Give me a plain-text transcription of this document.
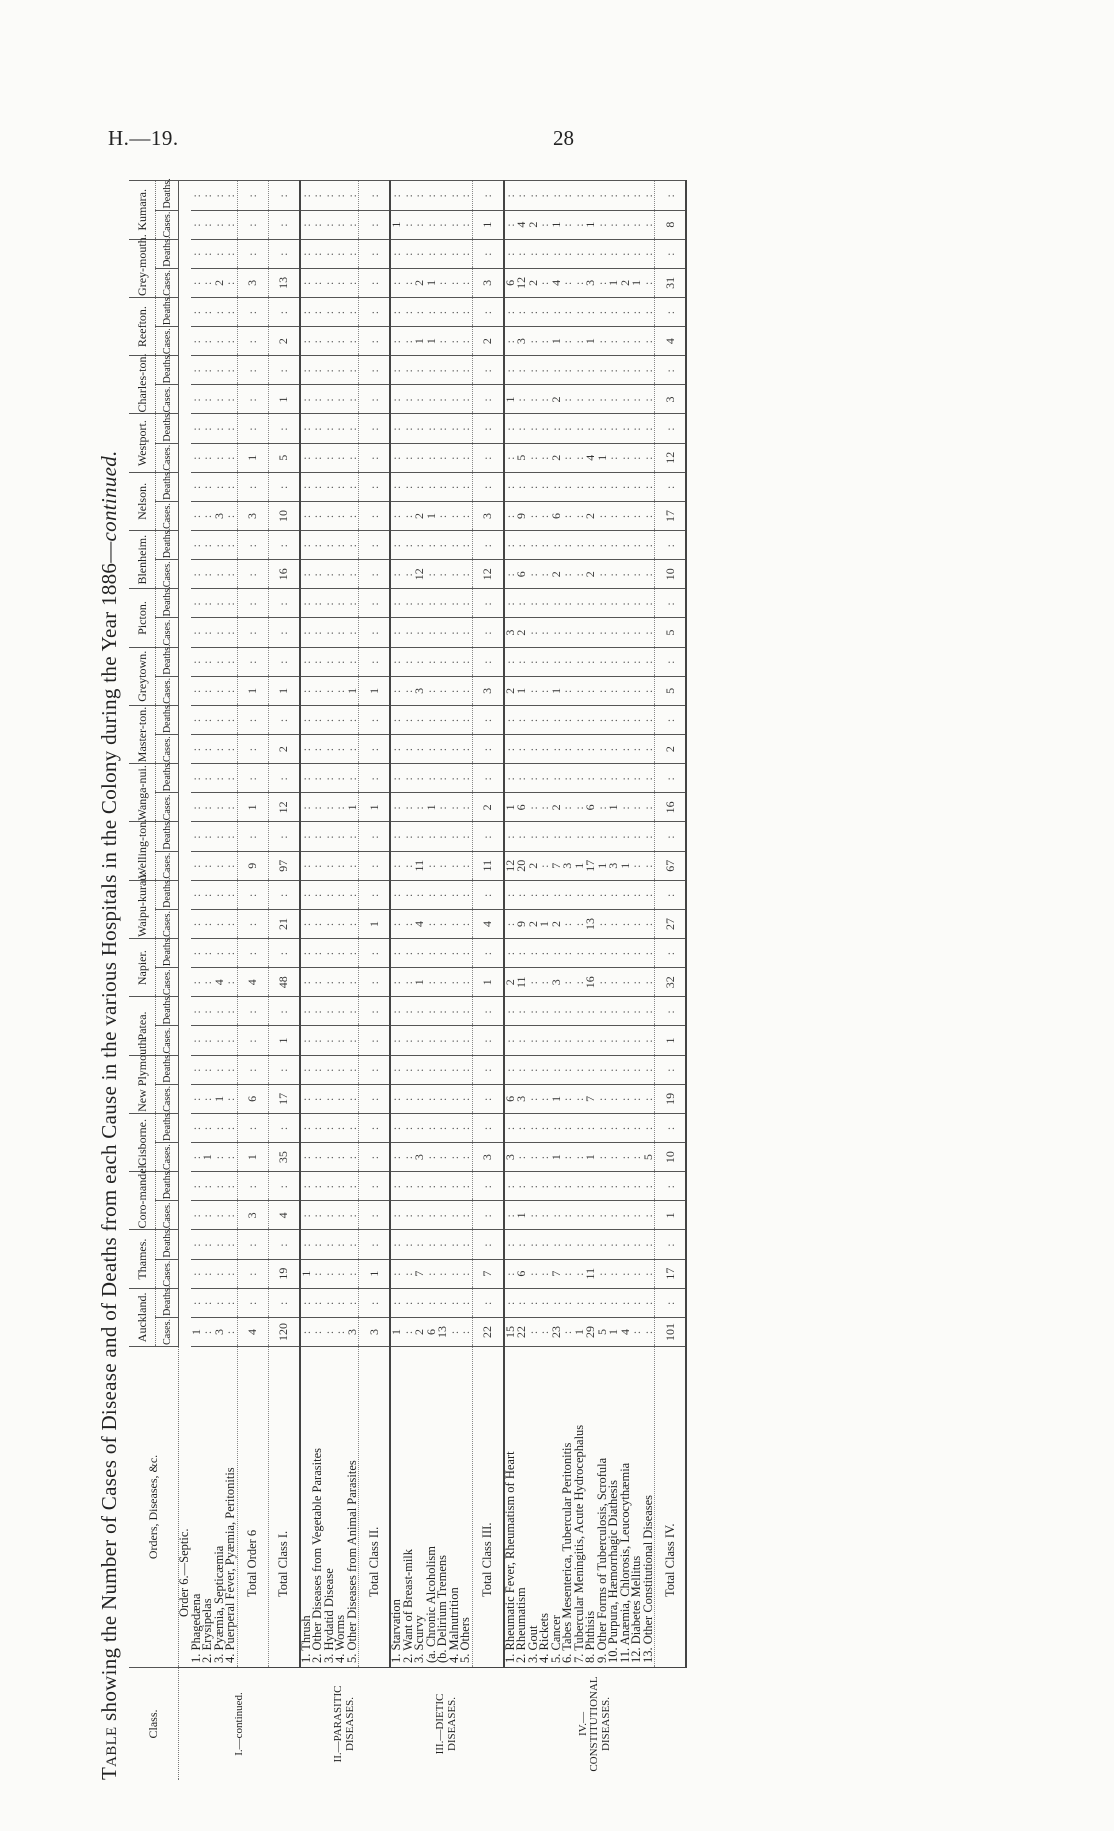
H.—19.	28
Table showing the Number of Cases of Disease and of Deaths from each Cause in the various Hospitals in the Colony during the Year 1886—continued.
Class.	Orders, Diseases, &c.	Auckland.		Thames.		Coro-mandel.		Gisborne.		New Plymouth.		Patea.		Napier.		Waipu-kurau.		Welling-ton.		Wanga-nui.		Master-ton.		Greytown.		Picton.		Blenheim.		Nelson.		Westport.		Charles-ton.		Reefton.		Grey-mouth.		Kumara.	
		Cases.	Deaths.	Cases.	Deaths.	Cases.	Deaths.	Cases.	Deaths.	Cases.	Deaths.	Cases.	Deaths.	Cases.	Deaths.	Cases.	Deaths.	Cases.	Deaths.	Cases.	Deaths.	Cases.	Deaths.	Cases.	Deaths.	Cases.	Deaths.	Cases.	Deaths.	Cases.	Deaths.	Cases.	Deaths.	Cases.	Deaths.	Cases.	Deaths.	Cases.	Deaths.	Cases.	Deaths.
I.—continued.	Order 6.—Septic.																																								
	1. Phagedæna	1	:	:	:	:	:	:	:	:	:	:	:	:	:	:	:	:	:	:	:	:	:	:	:	:	:	:	:	:	:	:	:	:	:	:	:	:	:	:	:
	2. Erysipelas	:	:	:	:	:	:	1	:	:	:	:	:	:	:	:	:	:	:	:	:	:	:	:	:	:	:	:	:	:	:	:	:	:	:	:	:	:	:	:	:
	3. Pyæmia, Septicæmia	3	:	:	:	:	:	:	:	1	:	:	:	4	:	:	:	:	:	:	:	:	:	:	:	:	:	:	:	3	:	:	:	:	:	:	:	2	:	:	:
	4. Puerperal Fever, Pyæmia, Peritonitis	:	:	:	:	:	:	:	:	:	:	:	:	:	:	:	:	:	:	:	:	:	:	:	:	:	:	:	:	:	:	:	:	:	:	:	:	:	:	:	:
	Total Order 6	4	:	:	:	3	:	1	:	6	:	:	:	4	:	:	:	9	:	1	:	:	:	1	:	:	:	:	:	3	:	1	:	:	:	:	:	3	:	:	:
	Total Class I.	120	:	19	:	4	:	35	:	17	:	1	:	48	:	21	:	97	:	12	:	2	:	1	:	:	:	16	:	10	:	5	:	1	:	2	:	13	:	:	:
II.—PARASITIC DISEASES.	1. Thrush	:	:	1	:	:	:	:	:	:	:	:	:	:	:	:	:	:	:	:	:	:	:	:	:	:	:	:	:	:	:	:	:	:	:	:	:	:	:	:	:
	2. Other Diseases from Vegetable Parasites	:	:	:	:	:	:	:	:	:	:	:	:	:	:	:	:	:	:	:	:	:	:	:	:	:	:	:	:	:	:	:	:	:	:	:	:	:	:	:	:
	3. Hydatid Disease	:	:	:	:	:	:	:	:	:	:	:	:	:	:	:	:	:	:	:	:	:	:	:	:	:	:	:	:	:	:	:	:	:	:	:	:	:	:	:	:
	4. Worms	:	:	:	:	:	:	:	:	:	:	:	:	:	:	:	:	:	:	:	:	:	:	:	:	:	:	:	:	:	:	:	:	:	:	:	:	:	:	:	:
	5. Other Diseases from Animal Parasites	3	:	:	:	:	:	:	:	:	:	:	:	:	:	:	:	:	:	1	:	:	:	1	:	:	:	:	:	:	:	:	:	:	:	:	:	:	:	:	:
	Total Class II.	3	:	1	:	:	:	:	:	:	:	:	:	:	:	1	:	:	:	1	:	:	:	1	:	:	:	:	:	:	:	:	:	:	:	:	:	:	:	:	:
III.—DIETIC DISEASES.	1. Starvation	1	:	:	:	:	:	:	:	:	:	:	:	:	:	:	:	:	:	:	:	:	:	:	:	:	:	:	:	:	:	:	:	:	:	:	:	:	:	1	:
	2. Want of Breast-milk	:	:	:	:	:	:	:	:	:	:	:	:	:	:	:	:	:	:	:	:	:	:	:	:	:	:	:	:	:	:	:	:	:	:	:	:	:	:	:	:
	3. Scurvy	2	:	7	:	:	:	3	:	:	:	:	:	1	:	4	:	11	:	:	:	:	:	3	:	:	:	12	:	2	:	:	:	:	:	1	:	2	:	:	:
	(a. Chronic Alcoholism	6	:	:	:	:	:	:	:	:	:	:	:	:	:	:	:	:	:	1	:	:	:	:	:	:	:	:	:	1	:	:	:	:	:	1	:	1	:	:	:
	(b. Delirium Tremens	13	:	:	:	:	:	:	:	:	:	:	:	:	:	:	:	:	:	:	:	:	:	:	:	:	:	:	:	:	:	:	:	:	:	:	:	:	:	:	:
	4. Malnutrition	:	:	:	:	:	:	:	:	:	:	:	:	:	:	:	:	:	:	:	:	:	:	:	:	:	:	:	:	:	:	:	:	:	:	:	:	:	:	:	:
	5. Others	:	:	:	:	:	:	:	:	:	:	:	:	:	:	:	:	:	:	:	:	:	:	:	:	:	:	:	:	:	:	:	:	:	:	:	:	:	:	:	:
	Total Class III.	22	:	7	:	:	:	3	:	:	:	:	:	1	:	4	:	11	:	2	:	:	:	3	:	:	:	12	:	3	:	:	:	:	:	2	:	3	:	1	:
IV.—CONSTITUTIONAL DISEASES.	1. Rheumatic Fever, Rheumatism of Heart	15	:	:	:	:	:	3	:	6	:	:	:	2	:	:	:	12	:	1	:	:	:	2	:	3	:	:	:	:	:	:	:	1	:	:	:	6	:	:	:
	2. Rheumatism	22	:	6	:	1	:	:	:	3	:	:	:	11	:	9	:	20	:	6	:	:	:	1	:	2	:	6	:	9	:	5	:	:	:	3	:	12	:	4	:
	3. Gout	:	:	:	:	:	:	:	:	:	:	:	:	:	:	2	:	2	:	:	:	:	:	:	:	:	:	:	:	:	:	:	:	:	:	:	:	2	:	2	:
	4. Rickets	:	:	:	:	:	:	:	:	:	:	:	:	:	:	1	:	:	:	:	:	:	:	:	:	:	:	:	:	:	:	:	:	:	:	:	:	:	:	:	:
	5. Cancer	23	:	7	:	:	:	1	:	1	:	:	:	3	:	2	:	7	:	2	:	:	:	1	:	:	:	2	:	6	:	2	:	2	:	1	:	4	:	1	:
	6. Tabes Mesenterica, Tubercular Peritonitis	:	:	:	:	:	:	:	:	:	:	:	:	:	:	:	:	3	:	:	:	:	:	:	:	:	:	:	:	:	:	:	:	:	:	:	:	:	:	:	:
	7. Tubercular Meningitis, Acute Hydrocephalus	1	:	:	:	:	:	:	:	:	:	:	:	:	:	:	:	1	:	:	:	:	:	:	:	:	:	:	:	:	:	:	:	:	:	:	:	:	:	:	:
	8. Phthisis	29	:	11	:	:	:	1	:	7	:	:	:	16	:	13	:	17	:	6	:	:	:	:	:	:	:	2	:	2	:	4	:	:	:	1	:	3	:	1	:
	9. Other Forms of Tuberculosis, Scrofula	5	:	:	:	:	:	:	:	:	:	:	:	:	:	:	:	1	:	:	:	:	:	:	:	:	:	:	:	:	:	1	:	:	:	:	:	:	:	:	:
	10. Purpura, Hæmorrhagic Diathesis	1	:	:	:	:	:	:	:	:	:	:	:	:	:	:	:	3	:	1	:	:	:	:	:	:	:	:	:	:	:	:	:	:	:	:	:	1	:	:	:
	11. Anæmia, Chlorosis, Leucocythæmia	4	:	:	:	:	:	:	:	:	:	:	:	:	:	:	:	1	:	:	:	:	:	:	:	:	:	:	:	:	:	:	:	:	:	:	:	2	:	:	:
	12. Diabetes Mellitus	:	:	:	:	:	:	:	:	:	:	:	:	:	:	:	:	:	:	:	:	:	:	:	:	:	:	:	:	:	:	:	:	:	:	:	:	1	:	:	:
	13. Other Constitutional Diseases	:	:	:	:	:	:	5	:	:	:	:	:	:	:	:	:	:	:	:	:	:	:	:	:	:	:	:	:	:	:	:	:	:	:	:	:	:	:	:	:
	Total Class IV.	101	:	17	:	1	:	10	:	19	:	1	:	32	:	27	:	67	:	16	:	2	:	5	:	5	:	10	:	17	:	12	:	3	:	4	:	31	:	8	:
